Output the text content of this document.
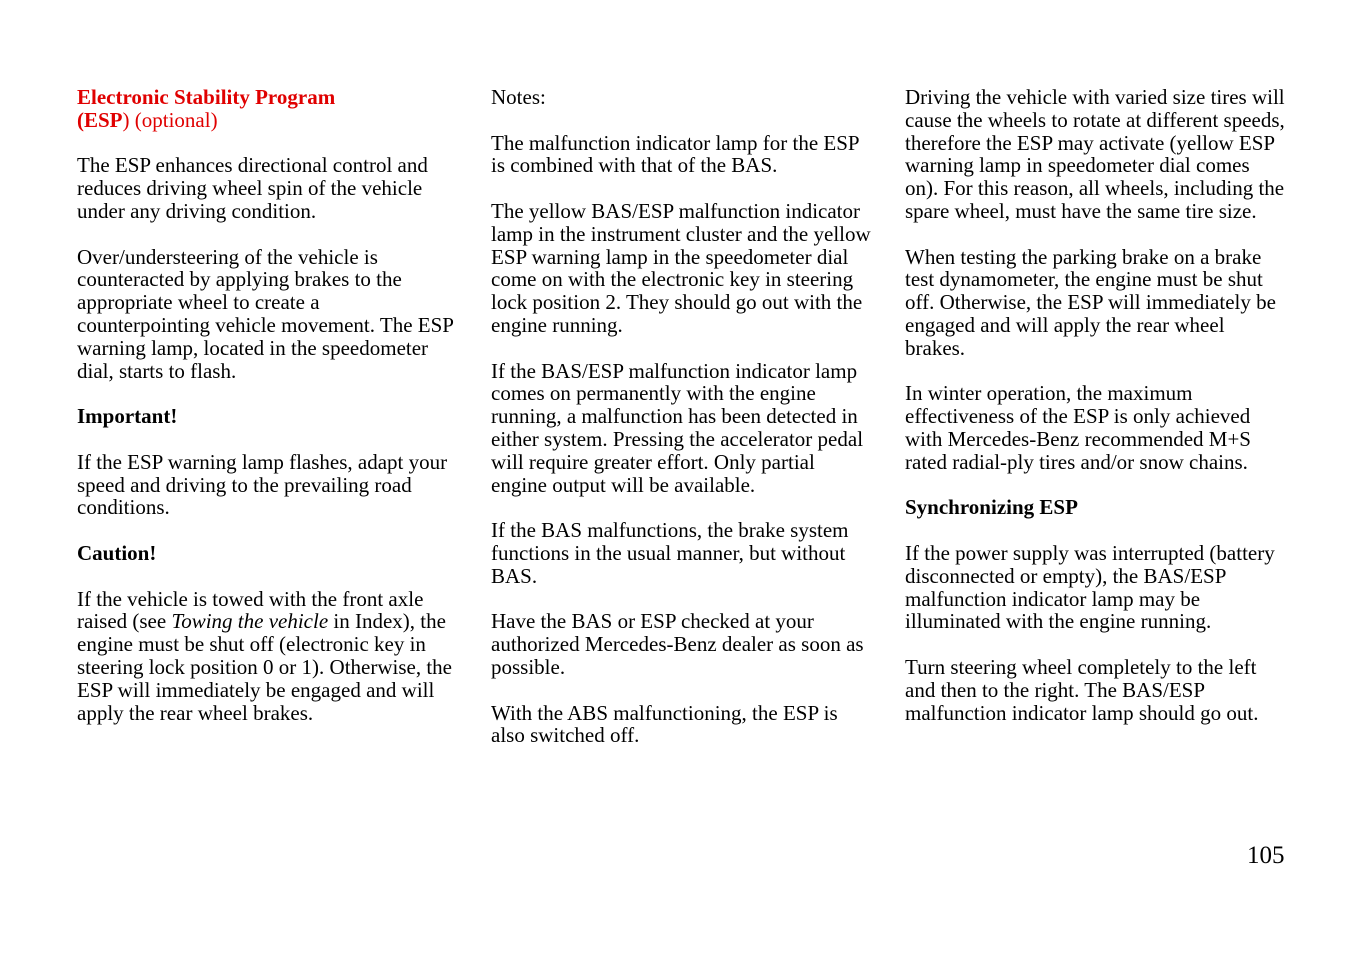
Electronic Stability Program
(ESP) (optional)

The ESP enhances directional control and reduces driving wheel spin of the vehicle under any driving condition.

Over/understeering of the vehicle is counteracted by applying brakes to the appropriate wheel to create a counterpointing vehicle movement. The ESP warning lamp, located in the speedometer dial, starts to flash.

Important!

If the ESP warning lamp flashes, adapt your speed and driving to the prevailing road conditions.

Caution!

If the vehicle is towed with the front axle raised (see Towing the vehicle in Index), the engine must be shut off (electronic key in steering lock position 0 or 1). Otherwise, the ESP will immediately be engaged and will apply the rear wheel brakes.

Notes:

The malfunction indicator lamp for the ESP is combined with that of the BAS.

The yellow BAS/ESP malfunction indicator lamp in the instrument cluster and the yellow ESP warning lamp in the speedometer dial come on with the electronic key in steering lock position 2. They should go out with the engine running.

If the BAS/ESP malfunction indicator lamp comes on permanently with the engine running, a malfunction has been detected in either system. Pressing the accelerator pedal will require greater effort. Only partial engine output will be available.

If the BAS malfunctions, the brake system functions in the usual manner, but without BAS.

Have the BAS or ESP checked at your authorized Mercedes-Benz dealer as soon as possible.

With the ABS malfunctioning, the ESP is also switched off.

Driving the vehicle with varied size tires will cause the wheels to rotate at different speeds, therefore the ESP may activate (yellow ESP warning lamp in speedometer dial comes on). For this reason, all wheels, including the spare wheel, must have the same tire size.

When testing the parking brake on a brake test dynamometer, the engine must be shut off. Otherwise, the ESP will immediately be engaged and will apply the rear wheel brakes.

In winter operation, the maximum effectiveness of the ESP is only achieved with Mercedes-Benz recommended M+S rated radial-ply tires and/or snow chains.

Synchronizing ESP

If the power supply was interrupted (battery disconnected or empty), the BAS/ESP malfunction indicator lamp may be illuminated with the engine running.

Turn steering wheel completely to the left and then to the right. The BAS/ESP malfunction indicator lamp should go out.

105
